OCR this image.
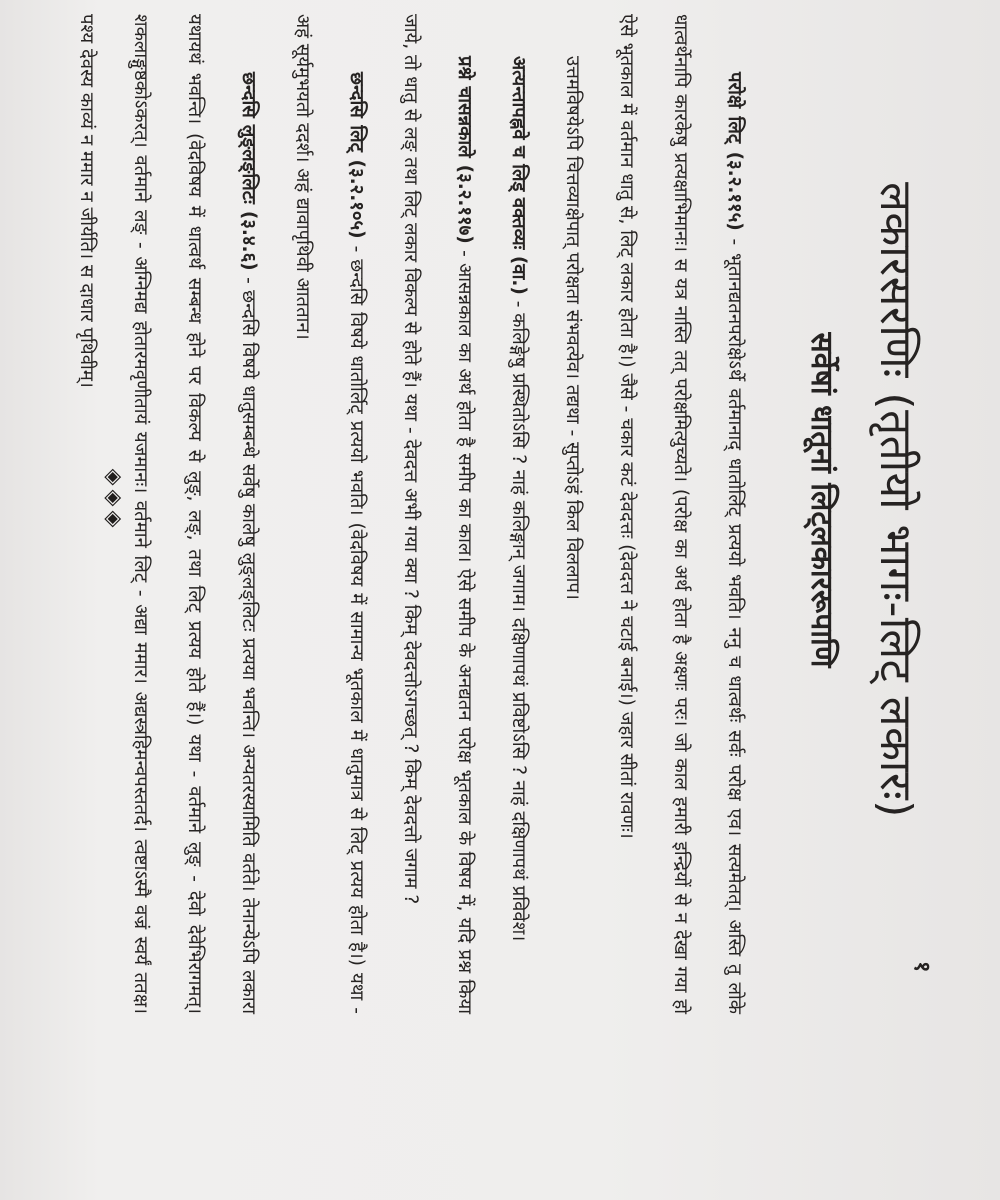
१
लकारसरणिः (तृतीयो भागः-लिट् लकारः)
सर्वेषां धातूनां लिट्लकाररूपाणि

परोक्षे लिट् (३.२.११५) - भूतानद्यतनपरोक्षेऽर्थे वर्तमानाद् धातोर्लिट् प्रत्ययो भवति। ननु च धात्वर्थः सर्वः परोक्ष एव। सत्यमेतत्। अस्ति तु लोके धात्वर्थेनापि कारकेषु प्रत्यक्षाभिमानः। स यत्र नास्ति तत् परोक्षमित्युच्यते। (परोक्ष का अर्थ होता है अक्ष्णः परः। जो काल हमारी इन्द्रियों से न देखा गया हो ऐसे भूतकाल में वर्तमान धातु से, लिट् लकार होता है।) जैसे - चकार कटं देवदत्तः (देवदत्त ने चटाई बनाई।) जहार सीतां रावणः।

उत्तमविषयेऽपि चित्तव्याक्षेपात् परोक्षता संभवत्येव। तद्यथा - सुप्तोऽहं किल विललाप।

अत्यन्तापह्नवे च लिड् वक्तव्यः (वा.) - कलिङ्गेषु प्रस्थितोऽसि ? नाहं कलिङ्गान् जगाम। दक्षिणापथं प्रविष्टोऽसि ? नाहं दक्षिणापथं प्रविवेश।

प्रश्ने चासन्नकाले (३.२.११७) - आसन्नकाल का अर्थ होता है समीप का काल। ऐसे समीप के अनद्यतन परोक्ष भूतकाल के विषय में, यदि प्रश्न किया जाये, तो धातु से लङ् तथा लिट् लकार विकल्प से होते हैं। यथा - देवदत्त अभी गया क्या ? किम् देवदत्तोऽगच्छत् ? किम् देवदत्तो जगाम ?

छन्दसि लिट् (३.२.१०५) - छन्दसि विषये धातोर्लिट् प्रत्ययो भवति। (वेदविषय में सामान्य भूतकाल में धातुमात्र से लिट् प्रत्यय होता है।) यथा - अहं सूर्यमुभयतो ददर्श। अहं द्यावापृथिवी आततान।

छन्दसि लुङ्लङ्लिटः (३.४.६) - छन्दसि विषये धातुसम्बन्धे सर्वेषु कालेषु लुङ्लङ्लिटः प्रत्यया भवन्ति। अन्यतरस्यामिति वर्तते। तेनान्येऽपि लकारा यथायथं भवन्ति। (वेदविषय में धात्वर्थ सम्बन्ध होने पर विकल्प से लुङ्, लङ्, तथा लिट् प्रत्यय होते हैं।) यथा - वर्तमाने लुङ् - देवो देवेभिरागमत्। शकलाङ्गुष्ठकोऽकरत्। वर्तमाने लङ् - अग्निमद्य होतारमवृणीतायं यजमानः। वर्तमाने लिट् - अद्या ममार। अद्यस्त्रहिमन्वपस्ततर्द। त्वष्टाऽस्मै वज्रं स्वर्यं ततक्ष। पश्य देवस्य काव्यं न ममार न जीर्यति। स दाधार पृथिवीम्।

◈◈◈
